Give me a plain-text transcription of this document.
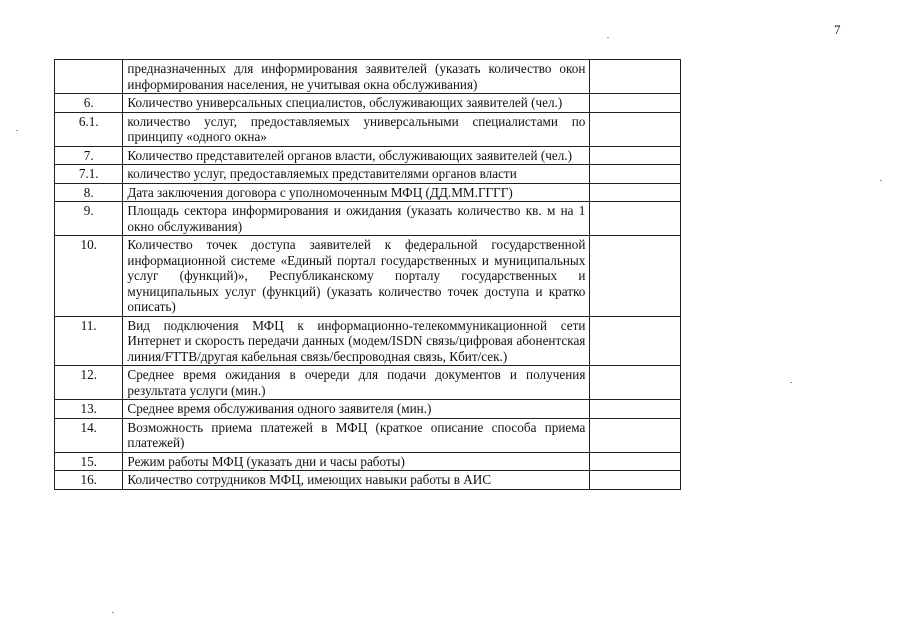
7
	предназначенных для информирования заявителей (указать количество окон информирования населения, не учитывая окна обслуживания)	
6.	Количество универсальных специалистов, обслуживающих заявителей (чел.)	
6.1.	количество услуг, предоставляемых универсальными специалистами по принципу «одного окна»	
7.	Количество представителей органов власти, обслуживающих заявителей (чел.)	
7.1.	количество услуг, предоставляемых представителями органов власти	
8.	Дата заключения договора с уполномоченным МФЦ (ДД.ММ.ГГГГ)	
9.	Площадь сектора информирования и ожидания (указать количество кв. м на 1 окно обслуживания)	
10.	Количество точек доступа заявителей к федеральной государственной информационной системе «Единый портал государственных и муниципальных услуг (функций)», Республиканскому порталу государственных и муниципальных услуг (функций) (указать количество точек доступа и кратко описать)	
11.	Вид подключения МФЦ к информационно-телекоммуникационной сети Интернет и скорость передачи данных (модем/ISDN связь/цифровая абонентская линия/FTTB/другая кабельная связь/беспроводная связь, Кбит/сек.)	
12.	Среднее время ожидания в очереди для подачи документов и получения результата услуги (мин.)	
13.	Среднее время обслуживания одного заявителя (мин.)	
14.	Возможность приема платежей в МФЦ (краткое описание способа приема платежей)	
15.	Режим работы МФЦ (указать дни и часы работы)	
16.	Количество сотрудников МФЦ, имеющих навыки работы в АИС	
